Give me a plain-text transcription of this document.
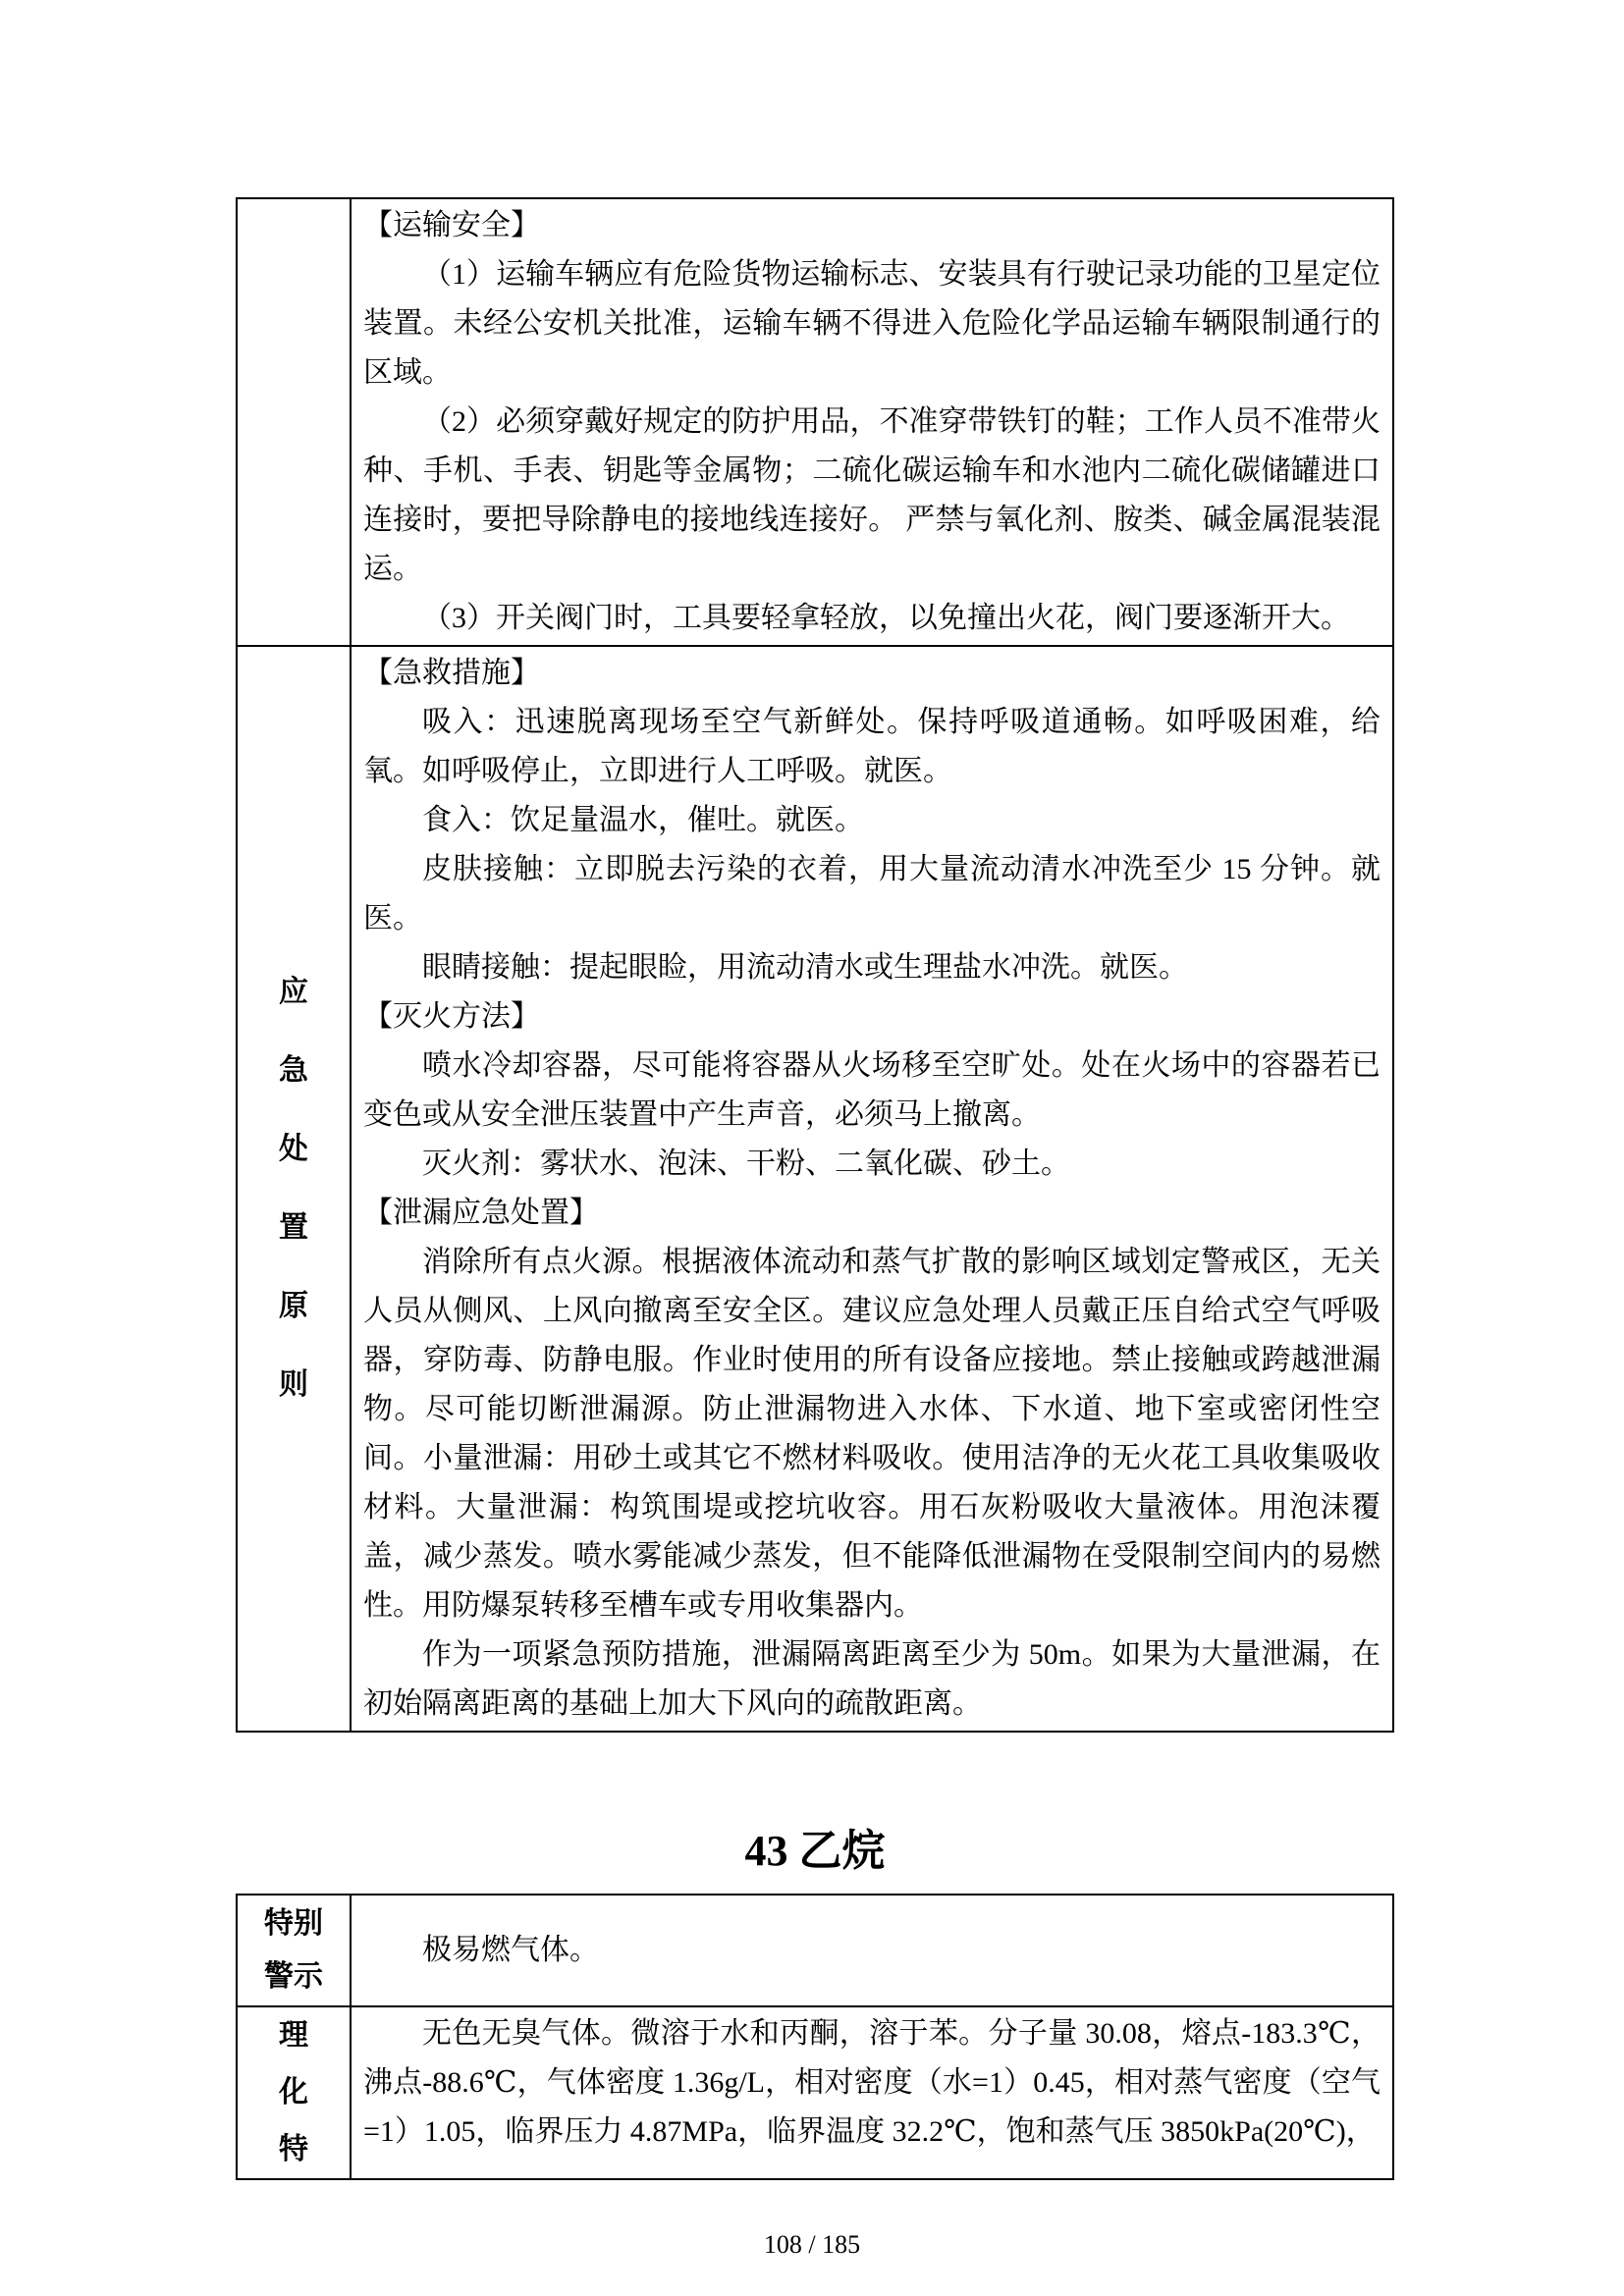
【运输安全】

（1）运输车辆应有危险货物运输标志、安装具有行驶记录功能的卫星定位装置。未经公安机关批准，运输车辆不得进入危险化学品运输车辆限制通行的区域。

（2）必须穿戴好规定的防护用品，不准穿带铁钉的鞋；工作人员不准带火种、手机、手表、钥匙等金属物；二硫化碳运输车和水池内二硫化碳储罐进口连接时，要把导除静电的接地线连接好。 严禁与氧化剂、胺类、碱金属混装混运。

（3）开关阀门时，工具要轻拿轻放，以免撞出火花，阀门要逐渐开大。

应急处置原则

【急救措施】

吸入：迅速脱离现场至空气新鲜处。保持呼吸道通畅。如呼吸困难，给氧。如呼吸停止，立即进行人工呼吸。就医。

食入：饮足量温水，催吐。就医。

皮肤接触：立即脱去污染的衣着，用大量流动清水冲洗至少 15 分钟。就医。

眼睛接触：提起眼睑，用流动清水或生理盐水冲洗。就医。

【灭火方法】

喷水冷却容器，尽可能将容器从火场移至空旷处。处在火场中的容器若已变色或从安全泄压装置中产生声音，必须马上撤离。

灭火剂：雾状水、泡沫、干粉、二氧化碳、砂土。

【泄漏应急处置】

消除所有点火源。根据液体流动和蒸气扩散的影响区域划定警戒区，无关人员从侧风、上风向撤离至安全区。建议应急处理人员戴正压自给式空气呼吸器，穿防毒、防静电服。作业时使用的所有设备应接地。禁止接触或跨越泄漏物。尽可能切断泄漏源。防止泄漏物进入水体、下水道、地下室或密闭性空间。小量泄漏：用砂土或其它不燃材料吸收。使用洁净的无火花工具收集吸收材料。大量泄漏：构筑围堤或挖坑收容。用石灰粉吸收大量液体。用泡沫覆盖，减少蒸发。喷水雾能减少蒸发，但不能降低泄漏物在受限制空间内的易燃性。用防爆泵转移至槽车或专用收集器内。

作为一项紧急预防措施，泄漏隔离距离至少为 50m。如果为大量泄漏，在初始隔离距离的基础上加大下风向的疏散距离。

43 乙烷
特别警示

极易燃气体。

理化特

无色无臭气体。微溶于水和丙酮，溶于苯。分子量 30.08，熔点-183.3℃，沸点-88.6℃，气体密度 1.36g/L，相对密度（水=1）0.45，相对蒸气密度（空气=1）1.05，临界压力 4.87MPa，临界温度 32.2℃，饱和蒸气压 3850kPa(20℃)，

108 / 185
